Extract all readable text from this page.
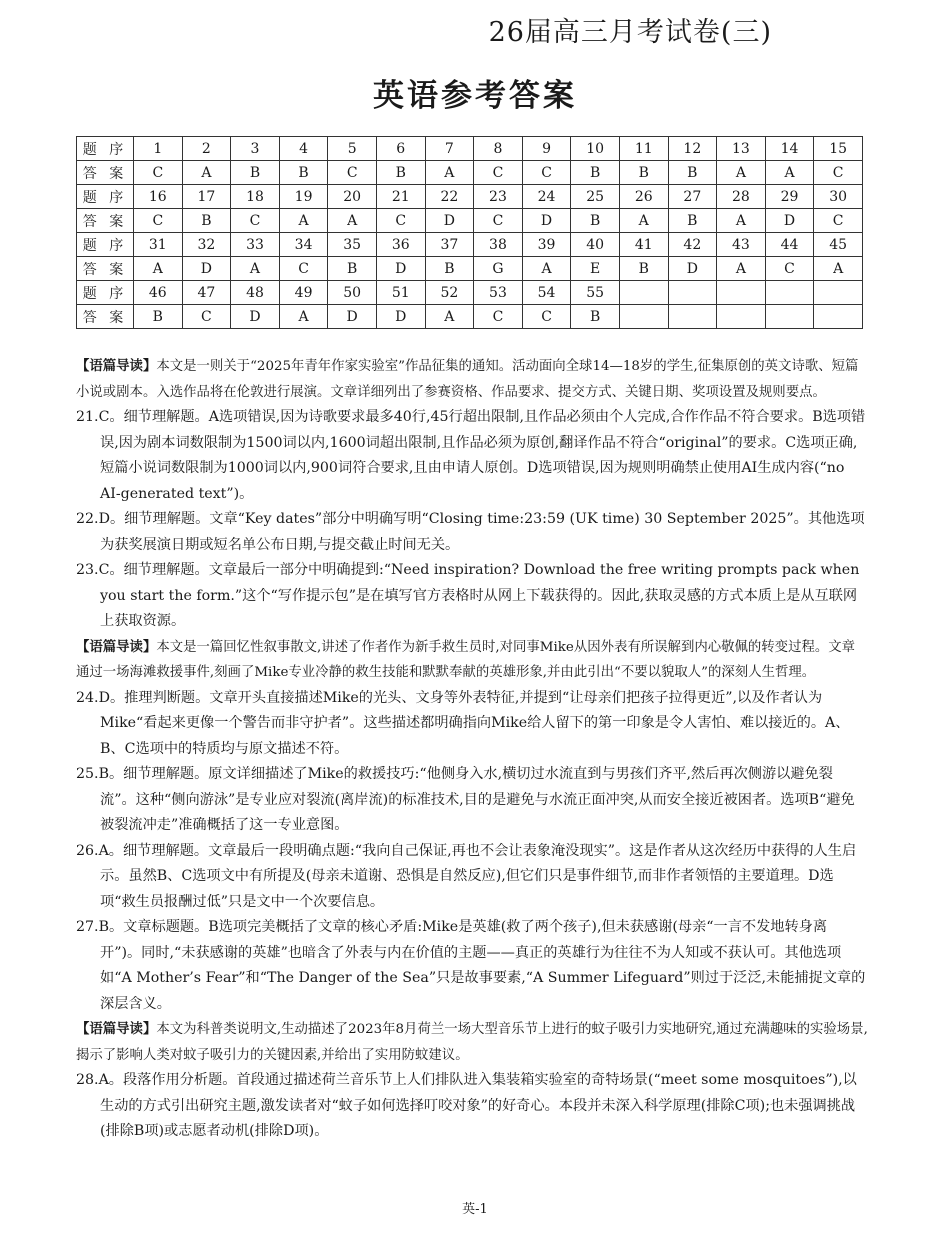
26届高三月考试卷(三)
英语参考答案
题 序	1	2	3	4	5	6	7	8	9	10	11	12	13	14	15
答 案	C	A	B	B	C	B	A	C	C	B	B	B	A	A	C
题 序	16	17	18	19	20	21	22	23	24	25	26	27	28	29	30
答 案	C	B	C	A	A	C	D	C	D	B	A	B	A	D	C
题 序	31	32	33	34	35	36	37	38	39	40	41	42	43	44	45
答 案	A	D	A	C	B	D	B	G	A	E	B	D	A	C	A
题 序	46	47	48	49	50	51	52	53	54	55					
答 案	B	C	D	A	D	D	A	C	C	B					

【语篇导读】本文是一则关于“2025年青年作家实验室”作品征集的通知。活动面向全球14—18岁的学生,征集原创的英文诗歌、短篇小说或剧本。入选作品将在伦敦进行展演。文章详细列出了参赛资格、作品要求、提交方式、关键日期、奖项设置及规则要点。

21.C。细节理解题。A选项错误,因为诗歌要求最多40行,45行超出限制,且作品必须由个人完成,合作作品不符合要求。B选项错误,因为剧本词数限制为1500词以内,1600词超出限制,且作品必须为原创,翻译作品不符合“original”的要求。C选项正确,短篇小说词数限制为1000词以内,900词符合要求,且由申请人原创。D选项错误,因为规则明确禁止使用AI生成内容(“no AI-generated text”)。

22.D。细节理解题。文章“Key dates”部分中明确写明“Closing time:23:59 (UK time) 30 September 2025”。其他选项为获奖展演日期或短名单公布日期,与提交截止时间无关。

23.C。细节理解题。文章最后一部分中明确提到:“Need inspiration? Download the free writing prompts pack when you start the form.”这个“写作提示包”是在填写官方表格时从网上下载获得的。因此,获取灵感的方式本质上是从互联网上获取资源。

【语篇导读】本文是一篇回忆性叙事散文,讲述了作者作为新手救生员时,对同事Mike从因外表有所误解到内心敬佩的转变过程。文章通过一场海滩救援事件,刻画了Mike专业冷静的救生技能和默默奉献的英雄形象,并由此引出“不要以貌取人”的深刻人生哲理。

24.D。推理判断题。文章开头直接描述Mike的光头、文身等外表特征,并提到“让母亲们把孩子拉得更近”,以及作者认为Mike“看起来更像一个警告而非守护者”。这些描述都明确指向Mike给人留下的第一印象是令人害怕、难以接近的。A、B、C选项中的特质均与原文描述不符。

25.B。细节理解题。原文详细描述了Mike的救援技巧:“他侧身入水,横切过水流直到与男孩们齐平,然后再次侧游以避免裂流”。这种“侧向游泳”是专业应对裂流(离岸流)的标准技术,目的是避免与水流正面冲突,从而安全接近被困者。选项B“避免被裂流冲走”准确概括了这一专业意图。

26.A。细节理解题。文章最后一段明确点题:“我向自己保证,再也不会让表象淹没现实”。这是作者从这次经历中获得的人生启示。虽然B、C选项文中有所提及(母亲未道谢、恐惧是自然反应),但它们只是事件细节,而非作者领悟的主要道理。D选项“救生员报酬过低”只是文中一个次要信息。

27.B。文章标题题。B选项完美概括了文章的核心矛盾:Mike是英雄(救了两个孩子),但未获感谢(母亲“一言不发地转身离开”)。同时,“未获感谢的英雄”也暗含了外表与内在价值的主题——真正的英雄行为往往不为人知或不获认可。其他选项如“A Mother’s Fear”和“The Danger of the Sea”只是故事要素,“A Summer Lifeguard”则过于泛泛,未能捕捉文章的深层含义。

【语篇导读】本文为科普类说明文,生动描述了2023年8月荷兰一场大型音乐节上进行的蚊子吸引力实地研究,通过充满趣味的实验场景,揭示了影响人类对蚊子吸引力的关键因素,并给出了实用防蚊建议。

28.A。段落作用分析题。首段通过描述荷兰音乐节上人们排队进入集装箱实验室的奇特场景(“meet some mosquitoes”),以生动的方式引出研究主题,激发读者对“蚊子如何选择叮咬对象”的好奇心。本段并未深入科学原理(排除C项);也未强调挑战(排除B项)或志愿者动机(排除D项)。

英-1
